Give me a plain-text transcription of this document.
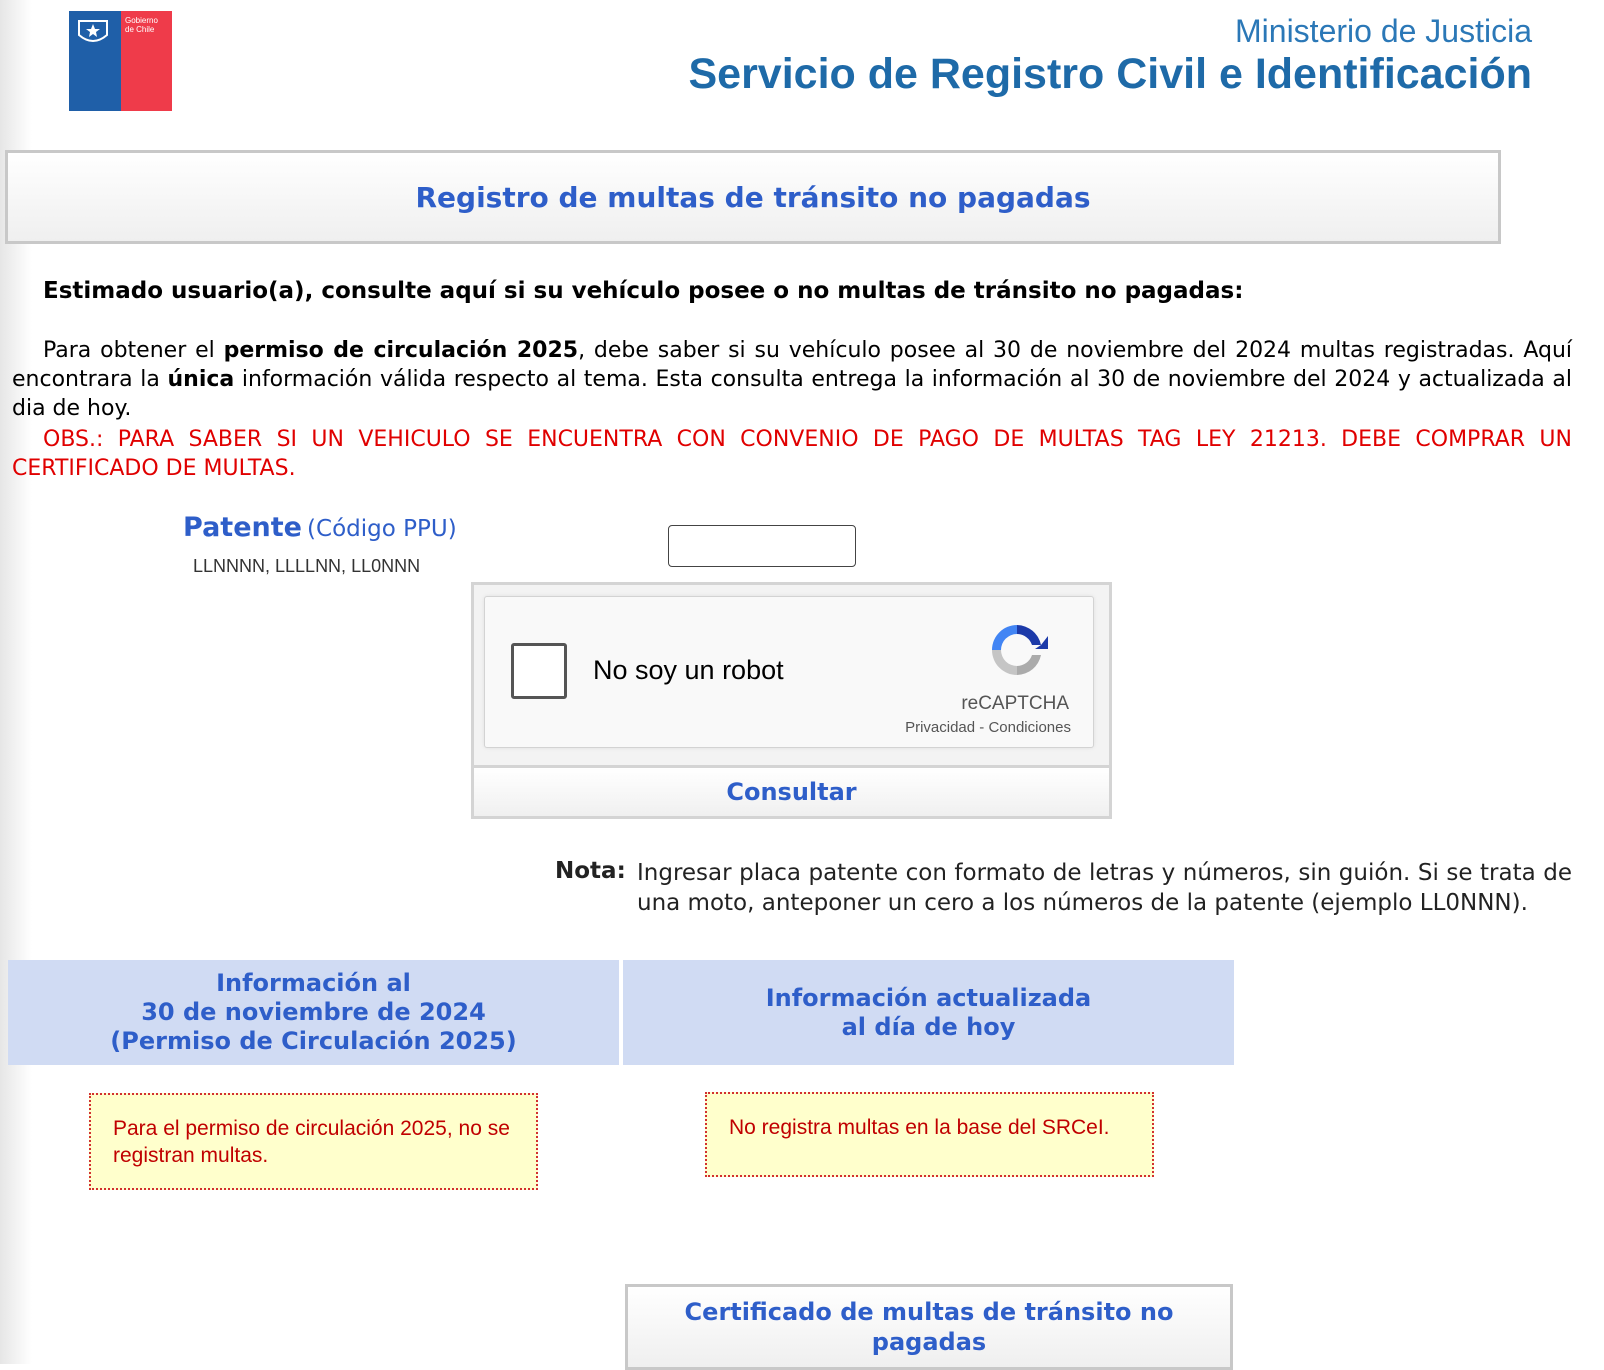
Gobierno de Chile	Ministerio de Justicia
Servicio de Registro Civil e Identificación
Registro de multas de tránsito no pagadas
Estimado usuario(a), consulte aquí si su vehículo posee o no multas de tránsito no pagadas:
Para obtener el permiso de circulación 2025, debe saber si su vehículo posee al 30 de noviembre del 2024 multas registradas. Aquí encontrara la única información válida respecto al tema. Esta consulta entrega la información al 30 de noviembre del 2024 y actualizada al dia de hoy.
OBS.: PARA SABER SI UN VEHICULO SE ENCUENTRA CON CONVENIO DE PAGO DE MULTAS TAG LEY 21213. DEBE COMPRAR UN CERTIFICADO DE MULTAS.
Patente (Código PPU)
LLNNNN, LLLLNN, LL0NNN
No soy un robot
reCAPTCHA
Privacidad - Condiciones
Consultar
Nota: Ingresar placa patente con formato de letras y números, sin guión. Si se trata de una moto, anteponer un cero a los números de la patente (ejemplo LL0NNN).
Información al
30 de noviembre de 2024
(Permiso de Circulación 2025)
Información actualizada
al día de hoy
Para el permiso de circulación 2025, no se registran multas.
No registra multas en la base del SRCeI.
Certificado de multas de tránsito no pagadas
